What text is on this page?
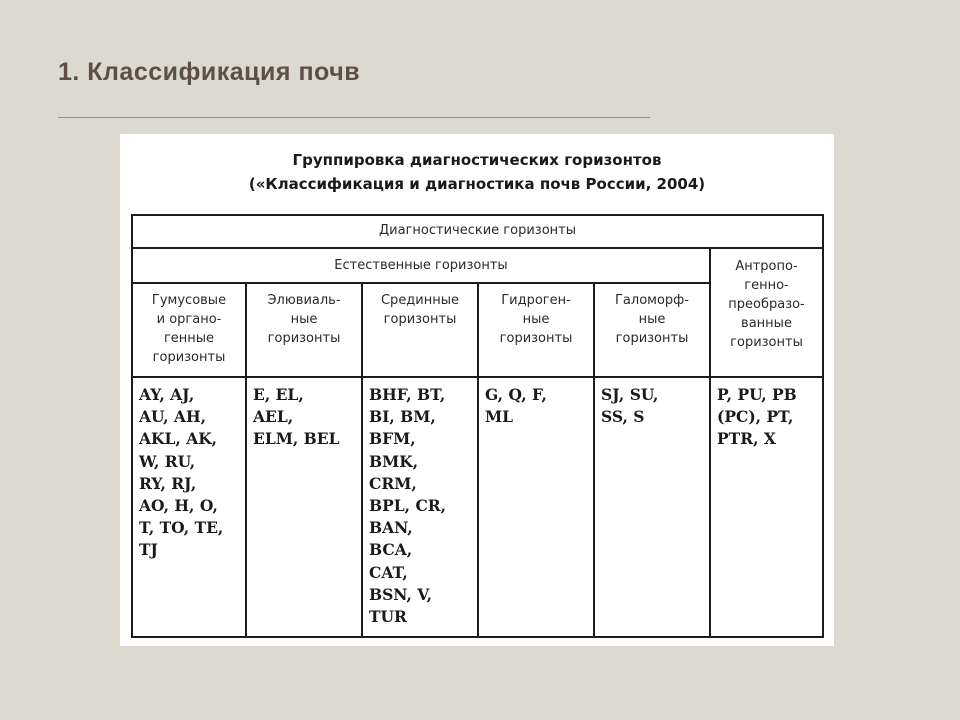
1. Классификация почв
Группировка диагностических горизонтов
(«Классификация и диагностика почв России, 2004)
Диагностические горизонты
Естественные горизонты	Антропо-
генно-
преобразо-
ванные
горизонты
Гумусовые
и органо-
генные
горизонты
Элювиаль-
ные
горизонты
Срединные
горизонты
Гидроген-
ные
горизонты
Галоморф-
ные
горизонты
AY, AJ,
AU, AH,
AKL, AK,
W, RU,
RY, RJ,
AO, H, O,
T, TO, TE,
TJ
E, EL,
AEL,
ELM, BEL
BHF, BT,
BI, BM,
BFM,
BMK,
CRM,
BPL, CR,
BAN,
BCA,
CAT,
BSN, V,
TUR
G, Q, F,
ML
SJ, SU,
SS, S
P, PU, PB
(PC), PT,
PTR, X
